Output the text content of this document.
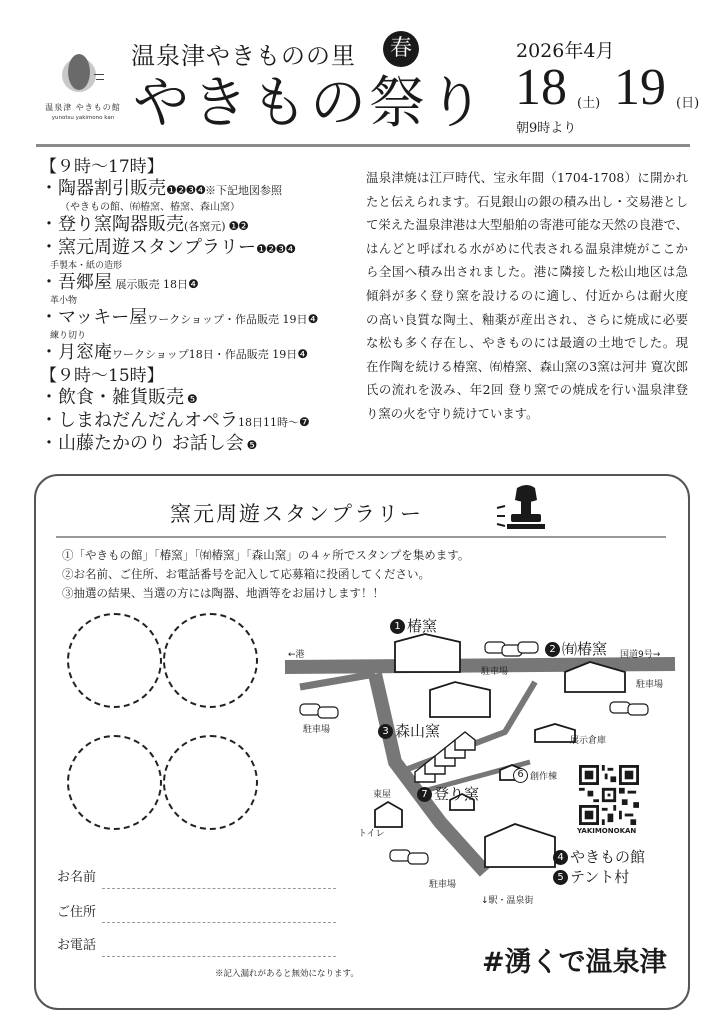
温泉津 やきもの館
yunotsu yakimono kan
温泉津やきものの里	春
やきもの祭り
2026年4月
18 (土) 19 (日)
朝9時より
【９時～17時】
・陶器割引販売❶❷❸❹※下記地図参照
（やきもの館、㈲椿窯、椿窯、森山窯）
・登り窯陶器販売(各窯元) ❶❷
・窯元周遊スタンプラリー❶❷❸❹
手製本・紙の造形
・吾郷屋 展示販売 18日❹
革小物
・マッキー屋ワークショップ・作品販売 19日❹
練り切り
・月窓庵ワークショップ18日・作品販売 19日❹
【９時～15時】
・飲食・雑貨販売 ❺
・しまねだんだんオペラ18日11時～❼
・山藤たかのり お話し会 ❺

温泉津焼は江戸時代、宝永年間（1704-1708）に開かれたと伝えられます。石見銀山の銀の積み出し・交易港として栄えた温泉津港は大型船舶の寄港可能な天然の良港で、はんどと呼ばれる水がめに代表される温泉津焼がここから全国へ積み出されました。港に隣接した松山地区は急傾斜が多く登り窯を設けるのに適し、付近からは耐火度の高い良質な陶土、釉薬が産出され、さらに焼成に必要な松も多く存在し、やきものには最適の土地でした。現在作陶を続ける椿窯、㈲椿窯、森山窯の3窯は河井 寛次郎氏の流れを汲み、年2回 登り窯での焼成を行い温泉津登り窯の火を守り続けています。

窯元周遊スタンプラリー
①「やきもの館」「椿窯」「㈲椿窯」「森山窯」の４ヶ所でスタンプを集めます。
②お名前、ご住所、お電話番号を記入して応募箱に投函してください。
③抽選の結果、当選の方には陶器、地酒等をお届けします！！
お名前
ご住所
お電話
※記入漏れがあると無効になります。	#湧くで温泉津
1 椿窯
2 ㈲椿窯
3 森山窯
7 登り窯
6 創作棟
4 やきもの館
5 テント村
←港	国道9号→
駐車場
駐車場
駐車場
駐車場
展示倉庫
東屋
トイレ
↓駅・温泉街
YAKIMONOKAN
